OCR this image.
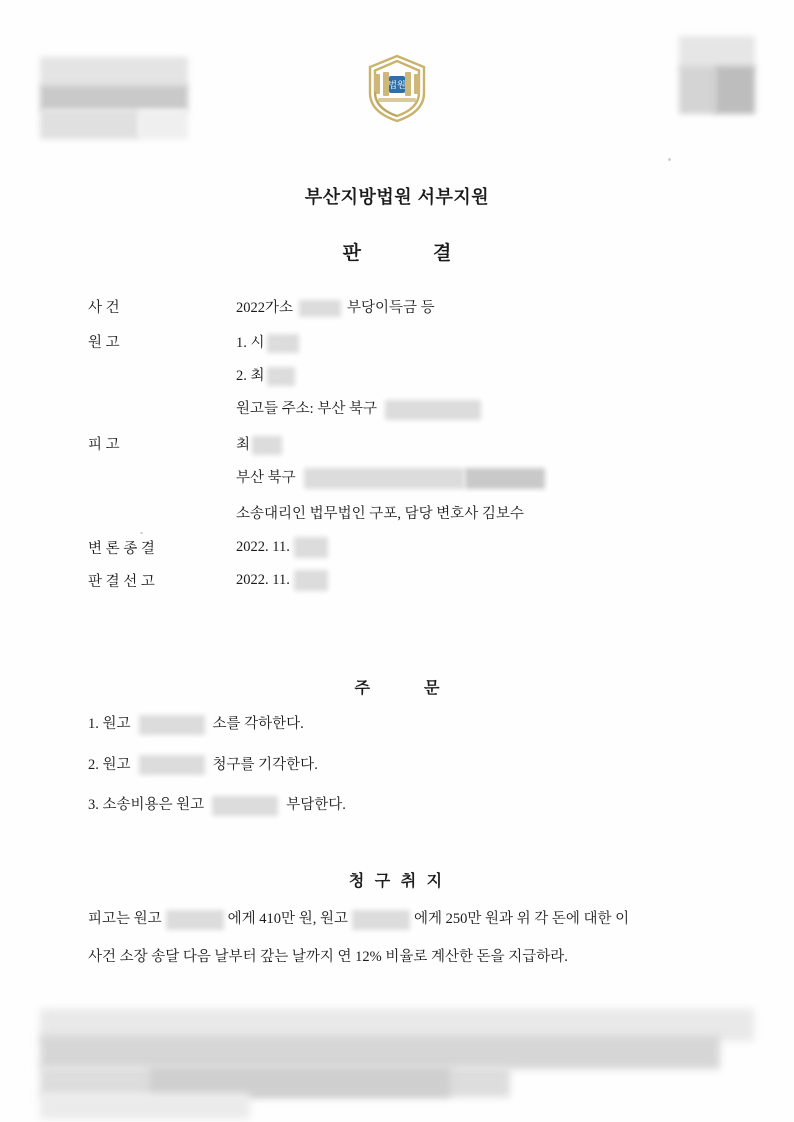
법원
부산지방법원 서부지원
판	결
사 건	2022가소	부당이득금 등
원 고	1. 시
2. 최
원고들 주소: 부산 북구
피 고	최
부산 북구
소송대리인 법무법인 구포, 담당 변호사 김보수
변 론 종 결	2022. 11.
판 결 선 고	2022. 11.
주	문
1. 원고	소를 각하한다.
2. 원고	청구를 기각한다.
3. 소송비용은 원고	부담한다.
청 구 취 지
피고는 원고	에게 410만 원, 원고	에게 250만 원과 위 각 돈에 대한 이
사건 소장 송달 다음 날부터 갚는 날까지 연 12% 비율로 계산한 돈을 지급하라.
